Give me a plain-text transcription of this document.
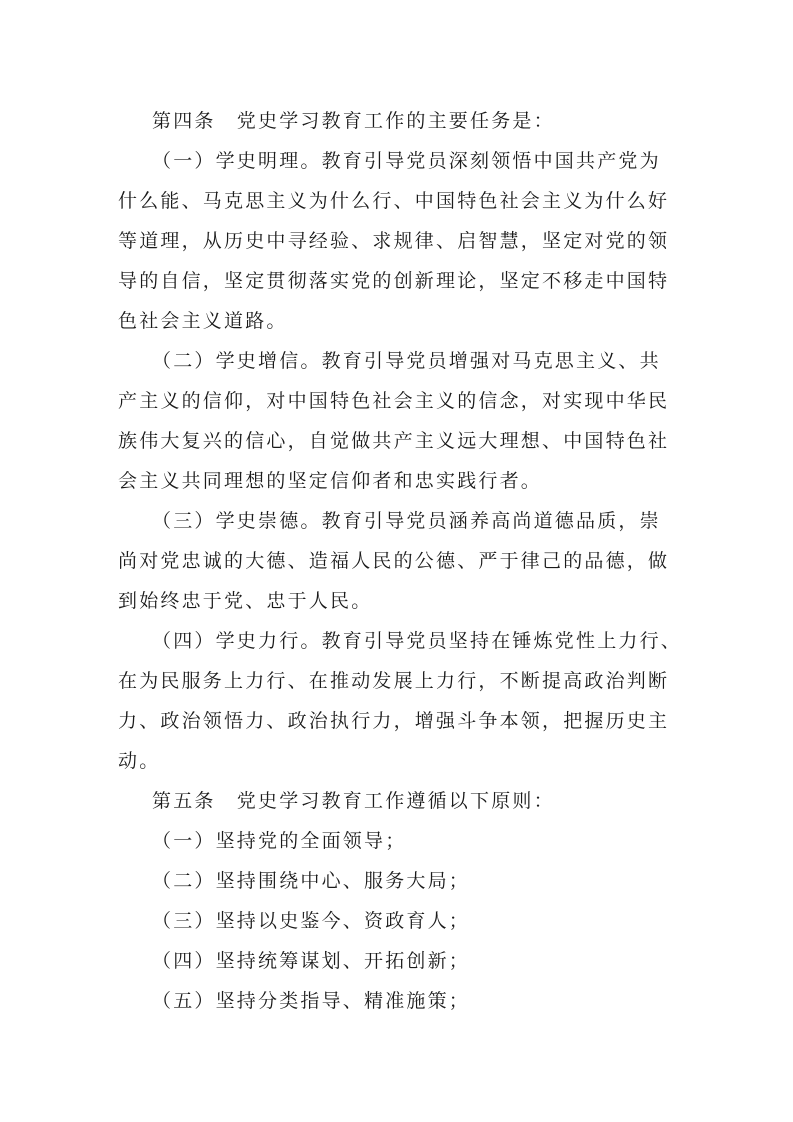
第四条　党史学习教育工作的主要任务是：
（一）学史明理。教育引导党员深刻领悟中国共产党为
什么能、马克思主义为什么行、中国特色社会主义为什么好
等道理，从历史中寻经验、求规律、启智慧，坚定对党的领
导的自信，坚定贯彻落实党的创新理论，坚定不移走中国特
色社会主义道路。
（二）学史增信。教育引导党员增强对马克思主义、共
产主义的信仰，对中国特色社会主义的信念，对实现中华民
族伟大复兴的信心，自觉做共产主义远大理想、中国特色社
会主义共同理想的坚定信仰者和忠实践行者。
（三）学史崇德。教育引导党员涵养高尚道德品质，崇
尚对党忠诚的大德、造福人民的公德、严于律己的品德，做
到始终忠于党、忠于人民。
（四）学史力行。教育引导党员坚持在锤炼党性上力行、
在为民服务上力行、在推动发展上力行，不断提高政治判断
力、政治领悟力、政治执行力，增强斗争本领，把握历史主
动。
第五条　党史学习教育工作遵循以下原则：
（一）坚持党的全面领导；
（二）坚持围绕中心、服务大局；
（三）坚持以史鉴今、资政育人；
（四）坚持统筹谋划、开拓创新；
（五）坚持分类指导、精准施策；
